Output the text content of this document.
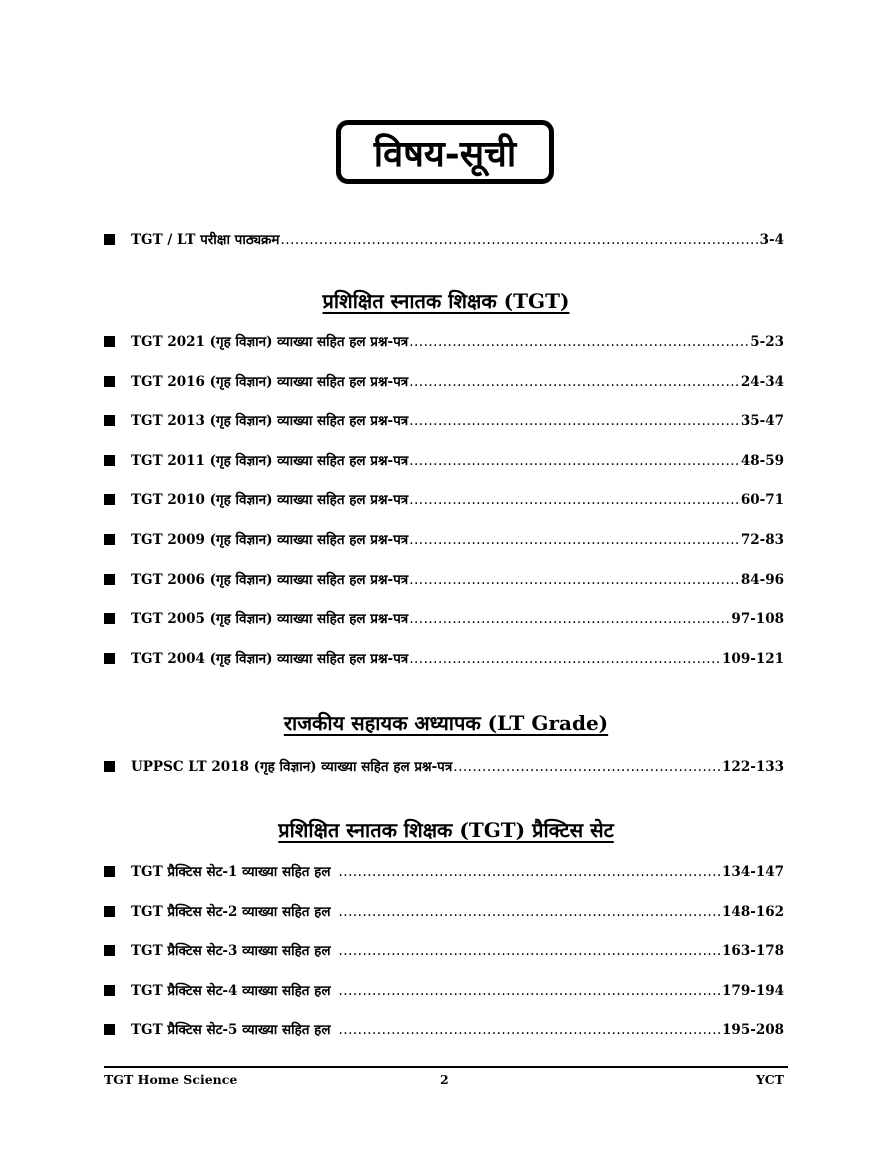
विषय-सूची
TGT / LT परीक्षा पाठ्यक्रम .....	3-4
प्रशिक्षित स्नातक शिक्षक (TGT)
TGT 2021 (गृह विज्ञान) व्याख्या सहित हल प्रश्न-पत्र .....	5-23
TGT 2016 (गृह विज्ञान) व्याख्या सहित हल प्रश्न-पत्र .....	24-34
TGT 2013 (गृह विज्ञान) व्याख्या सहित हल प्रश्न-पत्र .....	35-47
TGT 2011 (गृह विज्ञान) व्याख्या सहित हल प्रश्न-पत्र .....	48-59
TGT 2010 (गृह विज्ञान) व्याख्या सहित हल प्रश्न-पत्र .....	60-71
TGT 2009 (गृह विज्ञान) व्याख्या सहित हल प्रश्न-पत्र .....	72-83
TGT 2006 (गृह विज्ञान) व्याख्या सहित हल प्रश्न-पत्र .....	84-96
TGT 2005 (गृह विज्ञान) व्याख्या सहित हल प्रश्न-पत्र .....	97-108
TGT 2004 (गृह विज्ञान) व्याख्या सहित हल प्रश्न-पत्र .....	109-121
राजकीय सहायक अध्यापक (LT Grade)
UPPSC LT 2018 (गृह विज्ञान) व्याख्या सहित हल प्रश्न-पत्र .....	122-133
प्रशिक्षित स्नातक शिक्षक (TGT) प्रैक्टिस सेट
TGT प्रैक्टिस सेट-1 व्याख्या सहित हल .....	134-147
TGT प्रैक्टिस सेट-2 व्याख्या सहित हल .....	148-162
TGT प्रैक्टिस सेट-3 व्याख्या सहित हल .....	163-178
TGT प्रैक्टिस सेट-4 व्याख्या सहित हल .....	179-194
TGT प्रैक्टिस सेट-5 व्याख्या सहित हल .....	195-208
TGT Home Science	2	YCT
